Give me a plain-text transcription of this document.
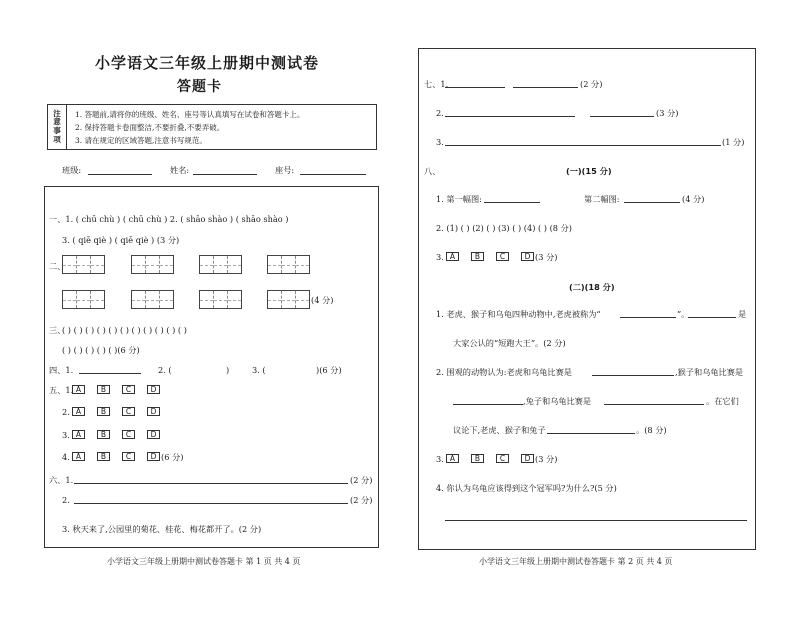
小学语文三年级上册期中测试卷
答题卡
注
意
事
项
1. 答题前,请将你的班级、姓名、座号等认真填写在试卷和答题卡上。
2. 保持答题卡卷面整洁,不要折叠,不要弄破。
3. 请在规定的区域答题,注意书写规范。
班级:	姓名:	座号:
一、1. ( chū chù ) ( chū chù ) 2. ( shāo shào ) ( shāo shào )
3. ( qiē qiè ) ( qiē qiè ) (3 分)
二、
(4 分)
三、
( ) ( ) ( ) ( ) ( ) ( ) ( ) ( ) ( ) ( ) ( )
( ) ( ) ( ) ( ) ( )(6 分)
四、1.	2. (	)	3. (	)(6 分)
五、1. A	B	C	D
2. A	B	C	D
3. A	B	C	D
4. A	B	C	D (6 分)
六、1.	(2 分)
2.	(2 分)
3. 秋天来了,公园里的菊花、桂花、梅花都开了。(2 分)
小学语文三年级上册期中测试卷答题卡 第 1 页 共 4 页
七、1.	(2 分)
2.	(3 分)
3.	(1 分)
八、	(一)(15 分)
1. 第一幅图:	第二幅图:	(4 分)
2. (1) ( ) (2) ( ) (3) ( ) (4) ( ) (8 分)
3. A	B	C	D (3 分)
(二)(18 分)
1. 老虎、猴子和乌龟四种动物中,老虎被称为“	”。	是
大家公认的“短跑大王”。(2 分)
2. 围观的动物认为:老虎和乌龟比赛是	,猴子和乌龟比赛是
,兔子和乌龟比赛是	。在它们
议论下,老虎、猴子和兔子	。(8 分)
3. A	B	C	D (3 分)
4. 你认为乌龟应该得到这个冠军吗?为什么?(5 分)
小学语文三年级上册期中测试卷答题卡 第 2 页 共 4 页
